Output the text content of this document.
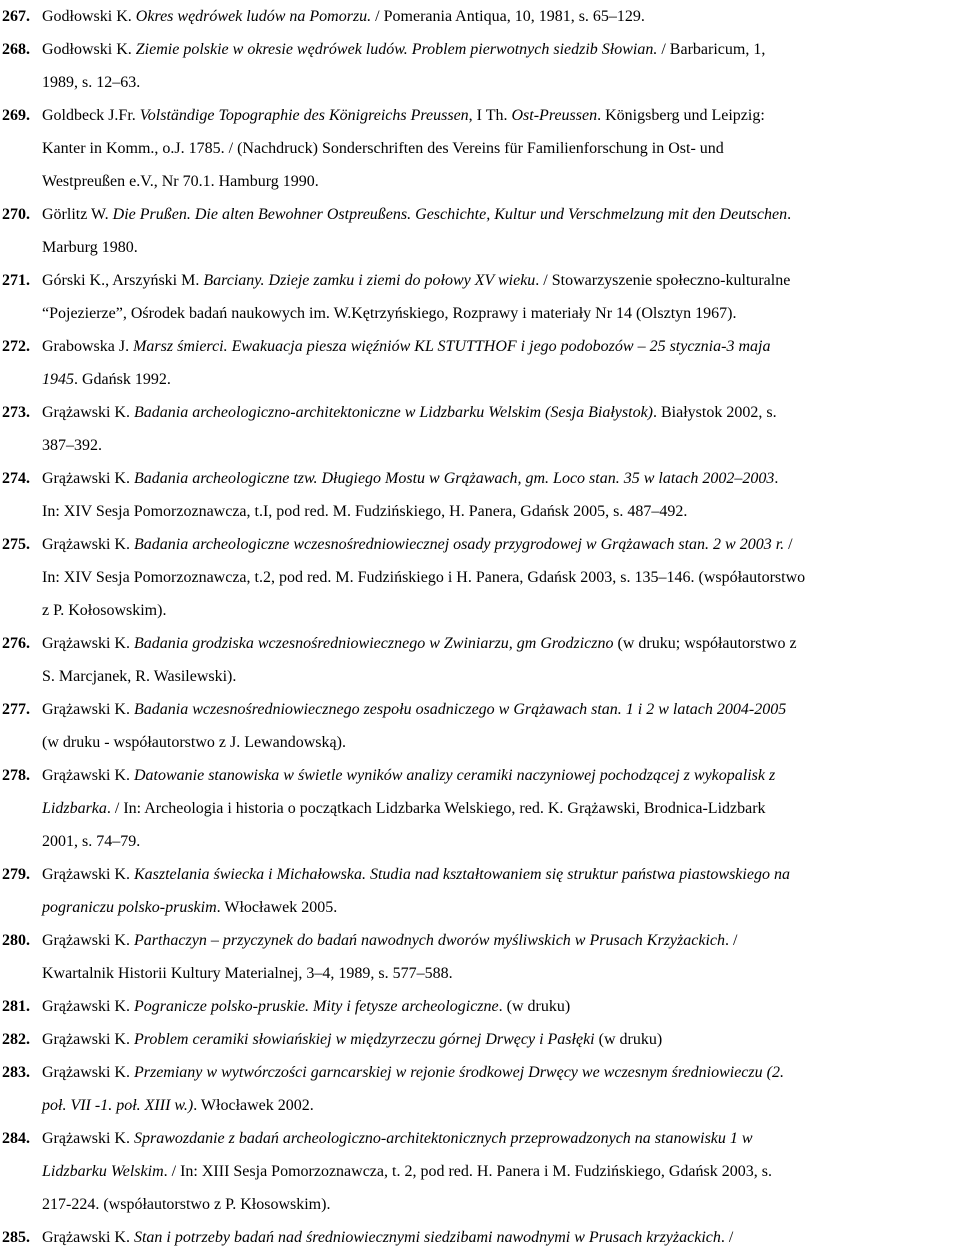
267. Godłowski K. Okres wędrówek ludów na Pomorzu. / Pomerania Antiqua, 10, 1981, s. 65–129.
268. Godłowski K. Ziemie polskie w okresie wędrówek ludów. Problem pierwotnych siedzib Słowian. / Barbaricum, 1,
1989, s. 12–63.
269. Goldbeck J.Fr. Volständige Topographie des Königreichs Preussen, I Th. Ost-Preussen. Königsberg und Leipzig:
Kanter in Komm., o.J. 1785. / (Nachdruck) Sonderschriften des Vereins für Familienforschung in Ost- und
Westpreußen e.V., Nr 70.1. Hamburg 1990.
270. Görlitz W. Die Prußen. Die alten Bewohner Ostpreußens. Geschichte, Kultur und Verschmelzung mit den Deutschen.
Marburg 1980.
271. Górski K., Arszyński M. Barciany. Dzieje zamku i ziemi do połowy XV wieku. / Stowarzyszenie społeczno-kulturalne
“Pojezierze”, Ośrodek badań naukowych im. W.Kętrzyńskiego, Rozprawy i materiały Nr 14 (Olsztyn 1967).
272. Grabowska J. Marsz śmierci. Ewakuacja piesza więźniów KL STUTTHOF i jego podobozów – 25 stycznia-3 maja
1945. Gdańsk 1992.
273. Grążawski K. Badania archeologiczno-architektoniczne w Lidzbarku Welskim (Sesja Białystok). Białystok 2002, s.
387–392.
274. Grążawski K. Badania archeologiczne tzw. Długiego Mostu w Grążawach, gm. Loco stan. 35 w latach 2002–2003.
In: XIV Sesja Pomorzoznawcza, t.I, pod red. M. Fudzińskiego, H. Panera, Gdańsk 2005, s. 487–492.
275. Grążawski K. Badania archeologiczne wczesnośredniowiecznej osady przygrodowej w Grążawach stan. 2 w 2003 r. /
In: XIV Sesja Pomorzoznawcza, t.2, pod red. M. Fudzińskiego i H. Panera, Gdańsk 2003, s. 135–146. (współautorstwo
z P. Kołosowskim).
276. Grążawski K. Badania grodziska wczesnośredniowiecznego w Zwiniarzu, gm Grodziczno (w druku; współautorstwo z
S. Marcjanek, R. Wasilewski).
277. Grążawski K. Badania wczesnośredniowiecznego zespołu osadniczego w Grążawach stan. 1 i 2 w latach 2004-2005
(w druku - współautorstwo z J. Lewandowską).
278. Grążawski K. Datowanie stanowiska w świetle wyników analizy ceramiki naczyniowej pochodzącej z wykopalisk z
Lidzbarka. / In: Archeologia i historia o początkach Lidzbarka Welskiego, red. K. Grążawski, Brodnica-Lidzbark
2001, s. 74–79.
279. Grążawski K. Kasztelania świecka i Michałowska. Studia nad kształtowaniem się struktur państwa piastowskiego na
pograniczu polsko-pruskim. Włocławek 2005.
280. Grążawski K. Parthaczyn – przyczynek do badań nawodnych dworów myśliwskich w Prusach Krzyżackich. /
Kwartalnik Historii Kultury Materialnej, 3–4, 1989, s. 577–588.
281. Grążawski K. Pogranicze polsko-pruskie. Mity i fetysze archeologiczne. (w druku)
282. Grążawski K. Problem ceramiki słowiańskiej w międzyrzeczu górnej Drwęcy i Pasłęki (w druku)
283. Grążawski K. Przemiany w wytwórczości garncarskiej w rejonie środkowej Drwęcy we wczesnym średniowieczu (2.
poł. VII -1. poł. XIII w.). Włocławek 2002.
284. Grążawski K. Sprawozdanie z badań archeologiczno-architektonicznych przeprowadzonych na stanowisku 1 w
Lidzbarku Welskim. / In: XIII Sesja Pomorzoznawcza, t. 2, pod red. H. Panera i M. Fudzińskiego, Gdańsk 2003, s.
217-224. (współautorstwo z P. Kłosowskim).
285. Grążawski K. Stan i potrzeby badań nad średniowiecznymi siedzibami nawodnymi w Prusach krzyżackich. /
